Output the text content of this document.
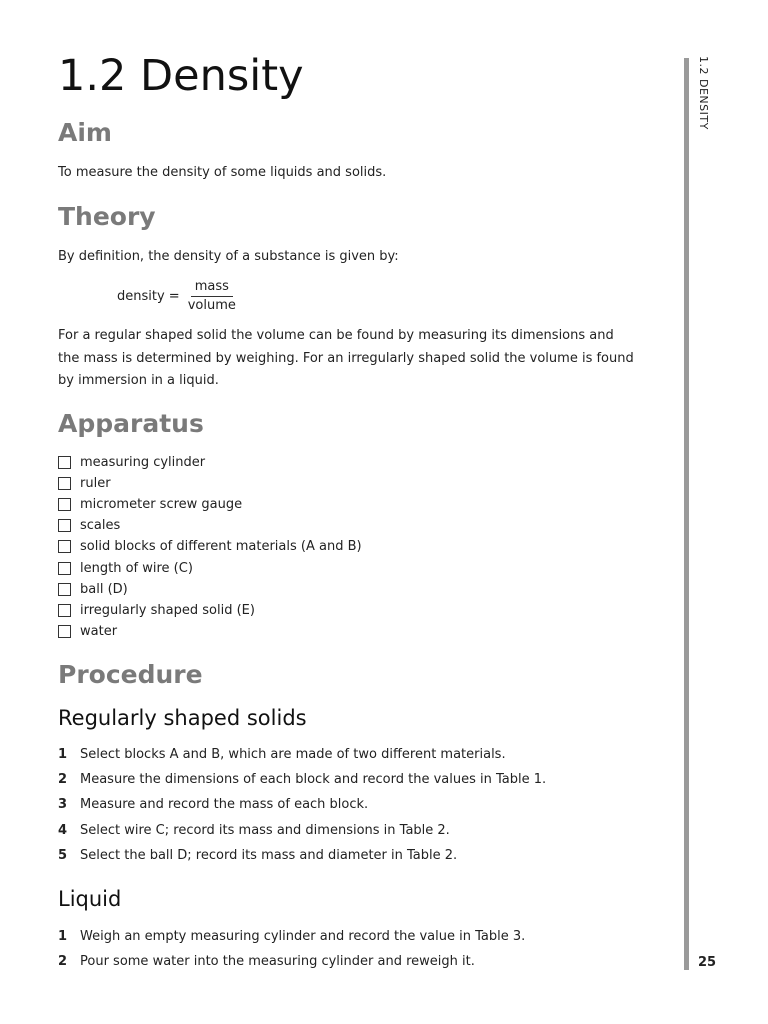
1.2 Density
Aim

To measure the density of some liquids and solids.

Theory

By definition, the density of a substance is given by:

density = $\frac{\text{mass}}{\text{volume}}$

For a regular shaped solid the volume can be found by measuring its dimensions and the mass is determined by weighing. For an irregularly shaped solid the volume is found by immersion in a liquid.

Apparatus
measuring cylinder
ruler
micrometer screw gauge
scales
solid blocks of different materials (A and B)
length of wire (C)
ball (D)
irregularly shaped solid (E)
water
Procedure
Regularly shaped solids
1 Select blocks A and B, which are made of two different materials.
2 Measure the dimensions of each block and record the values in Table 1.
3 Measure and record the mass of each block.
4 Select wire C; record its mass and dimensions in Table 2.
5 Select the ball D; record its mass and diameter in Table 2.
Liquid
1 Weigh an empty measuring cylinder and record the value in Table 3.
2 Pour some water into the measuring cylinder and reweigh it.
1.2 DENSITY
25
